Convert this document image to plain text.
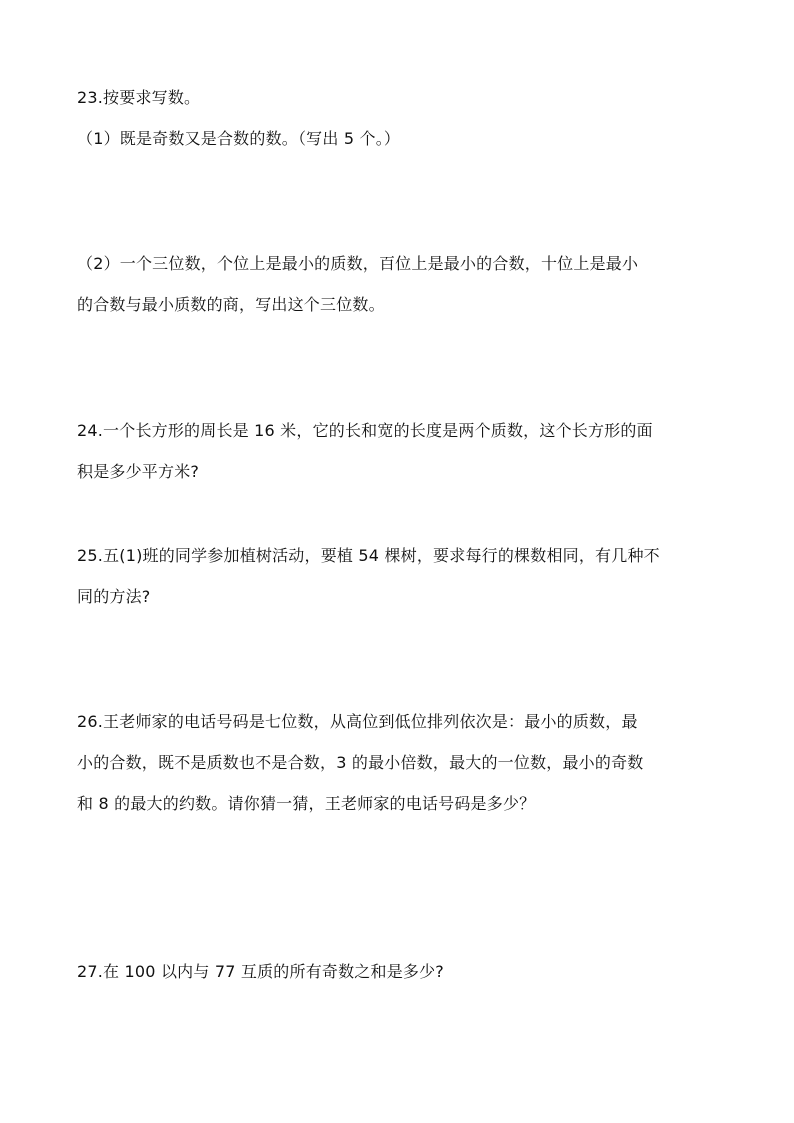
23.按要求写数。
（1）既是奇数又是合数的数。（写出 5 个。）
（2）一个三位数，个位上是最小的质数，百位上是最小的合数，十位上是最小
的合数与最小质数的商，写出这个三位数。
24.一个长方形的周长是 16 米，它的长和宽的长度是两个质数，这个长方形的面
积是多少平方米?
25.五(1)班的同学参加植树活动，要植 54 棵树，要求每行的棵数相同，有几种不
同的方法?
26.王老师家的电话号码是七位数，从高位到低位排列依次是：最小的质数，最
小的合数，既不是质数也不是合数，3 的最小倍数，最大的一位数，最小的奇数
和 8 的最大的约数。请你猜一猜，王老师家的电话号码是多少？
27.在 100 以内与 77 互质的所有奇数之和是多少?
